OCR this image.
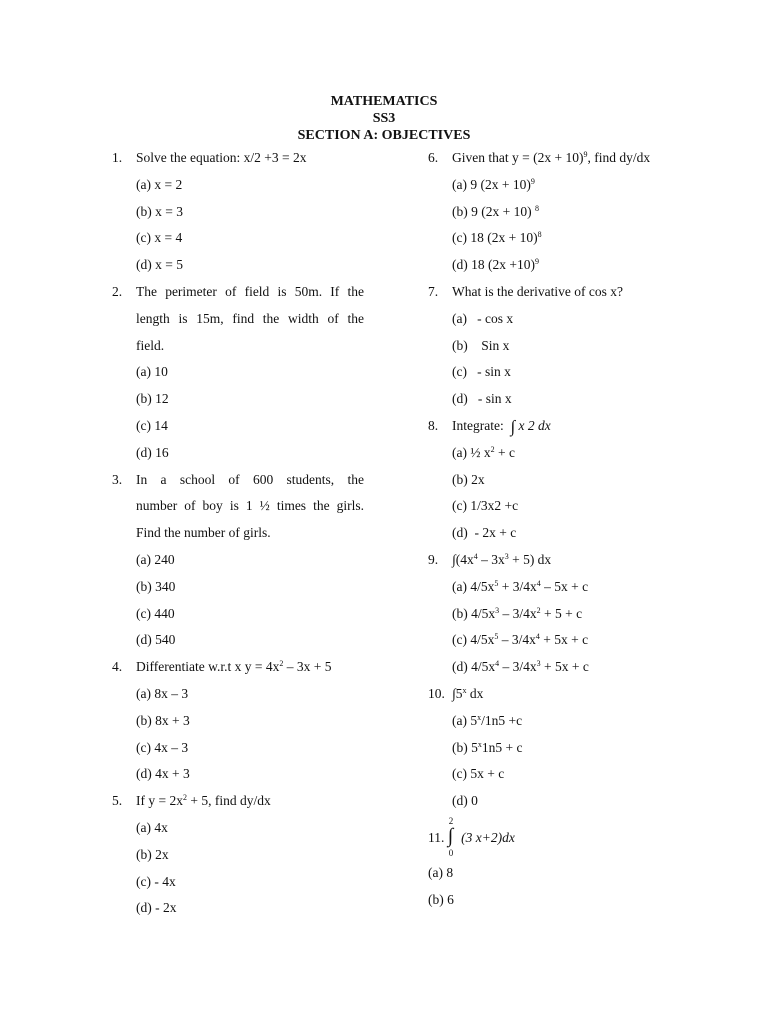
MATHEMATICS
SS3
SECTION A: OBJECTIVES
1. Solve the equation: x/2 +3 = 2x
(a) x = 2
(b) x = 3
(c) x = 4
(d) x = 5
2. The perimeter of field is 50m. If the
length is 15m, find the width of the
field.
(a) 10
(b) 12
(c) 14
(d) 16
3. In a school of 600 students, the
number of boy is 1 ½ times the girls.
Find the number of girls.
(a) 240
(b) 340
(c) 440
(d) 540
4. Differentiate w.r.t x $y = 4x^2 - 3x + 5$
(a) 8x – 3
(b) 8x + 3
(c) 4x – 3
(d) 4x + 3
5. If $y = 2x^2 + 5$, find dy/dx
(a) 4x
(b) 2x
(c) - 4x
(d) - 2x
6. Given that $y = (2x + 10)^9$, find dy/dx
(a) 9 $(2x + 10)^9$
(b) 9 (2x + 10) $^8$
(c) 18 $(2x + 10)^8$
(d) 18 $(2x +10)^9$
7. What is the derivative of cos x?
(a)   - cos x
(b)    Sin x
(c)   - sin x
(d)   - sin x
8. Integrate:  ∫ x 2 dx
(a) ½ $x^2 + c$
(b) 2x
(c) 1/3x2 +c
(d)  - 2x + c
9. $\int(4x^4 - 3x^3 + 5)$ dx
(a) $4/5x^5 + 3/4x^4 - 5x + c$
(b) $4/5x^3 - 3/4x^2 + 5 + c$
(c) $4/5x^5 - 3/4x^4 + 5x + c$
(d) $4/5x^4 - 3/4x^3 + 5x + c$
10. ∫5$^x$ dx
(a) $5^x/1n5 +c$
(b) $5^x1n5 + c$
(c) 5x + c
(d) 0
11.
2
∫
0
(3 x+2)dx
(a) 8
(b) 6
